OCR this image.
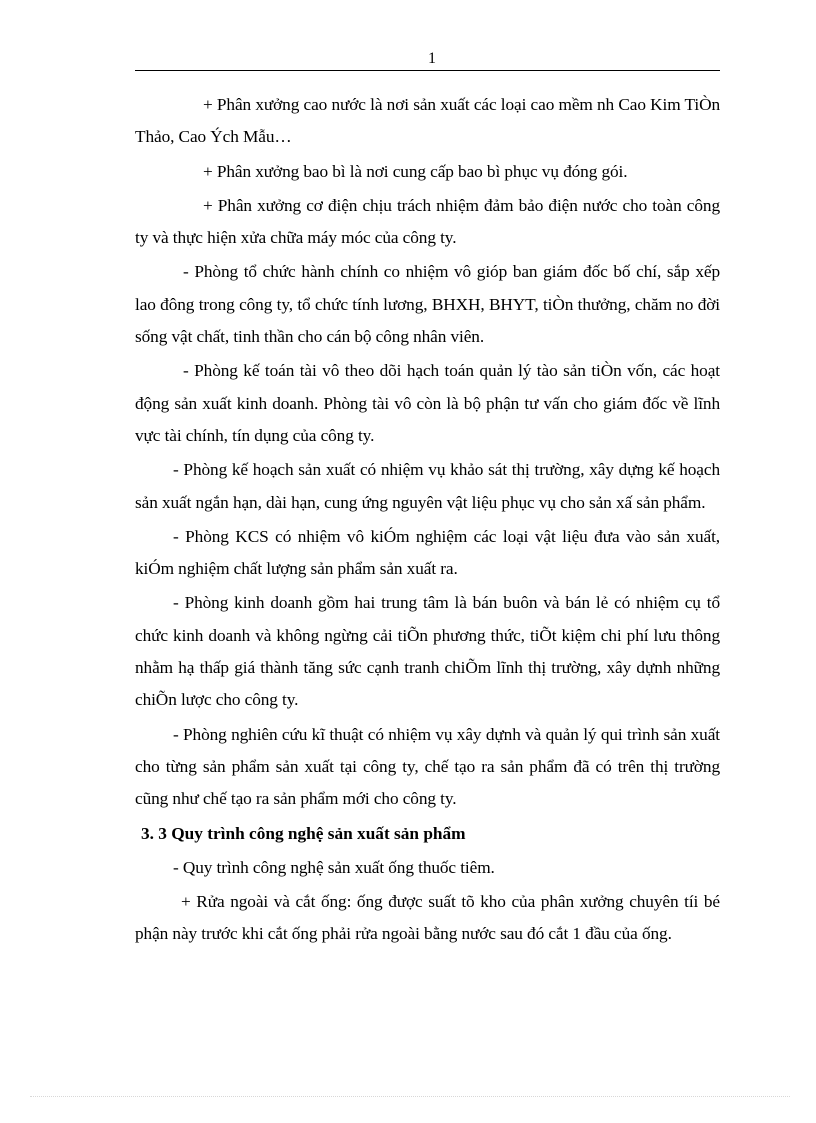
1

+ Phân xưởng cao nước là nơi sản xuất các loại cao mềm nh Cao Kim TiÒn Thảo, Cao Ých Mẫu…

+ Phân xưởng bao bì là nơi cung cấp bao bì phục vụ đóng gói.

+ Phân xưởng cơ điện chịu trách nhiệm đảm bảo điện nước cho toàn công ty và thực hiện xửa chữa máy móc của công ty.

- Phòng tổ chức hành chính co nhiệm vô gióp ban giám đốc bố chí, sắp xếp lao đông trong công ty, tổ chức tính lương, BHXH, BHYT, tiÒn thưởng, chăm no đời sống vật chất, tinh thần cho cán bộ công nhân viên.

- Phòng kế toán tài vô theo dõi hạch toán quản lý tào sản tiÒn vốn, các hoạt động sản xuất kinh doanh. Phòng tài vô còn là bộ phận tư vấn cho giám đốc về lĩnh vực tài chính, tín dụng của công ty.

- Phòng kế hoạch sản xuất có nhiệm vụ khảo sát thị trường, xây dựng kế hoạch sản xuất ngắn hạn, dài hạn, cung ứng nguyên vật liệu phục vụ cho sản xấ sản phẩm.

- Phòng KCS có nhiệm vô kiÓm nghiệm các loại vật liệu đưa vào sản xuất, kiÓm nghiệm chất lượng sản phẩm sản xuất ra.

- Phòng kinh doanh gồm hai trung tâm là bán buôn và bán lẻ có nhiệm cụ tổ chức kinh doanh và không ngừng cải tiÕn phương thức, tiÕt kiệm chi phí lưu thông nhằm hạ thấp giá thành tăng sức cạnh tranh chiÕm lĩnh thị trường, xây dựnh những chiÕn lược cho công ty.

- Phòng nghiên cứu kĩ thuật có nhiệm vụ xây dựnh và quản lý qui trình sản xuất cho từng sản phẩm sản xuất tại công ty, chế tạo ra sản phẩm đã có trên thị trường cũng như chế tạo ra sản phẩm mới cho công ty.

3. 3 Quy trình công nghệ sản xuất sản phẩm

- Quy trình công nghệ sản xuất ống thuốc tiêm.

+ Rửa ngoài và cắt ống: ống được suất tõ kho của phân xưởng chuyên tíi bé phận này trước khi cắt ống phải rửa ngoài bằng nước sau đó cắt 1 đầu của ống.
